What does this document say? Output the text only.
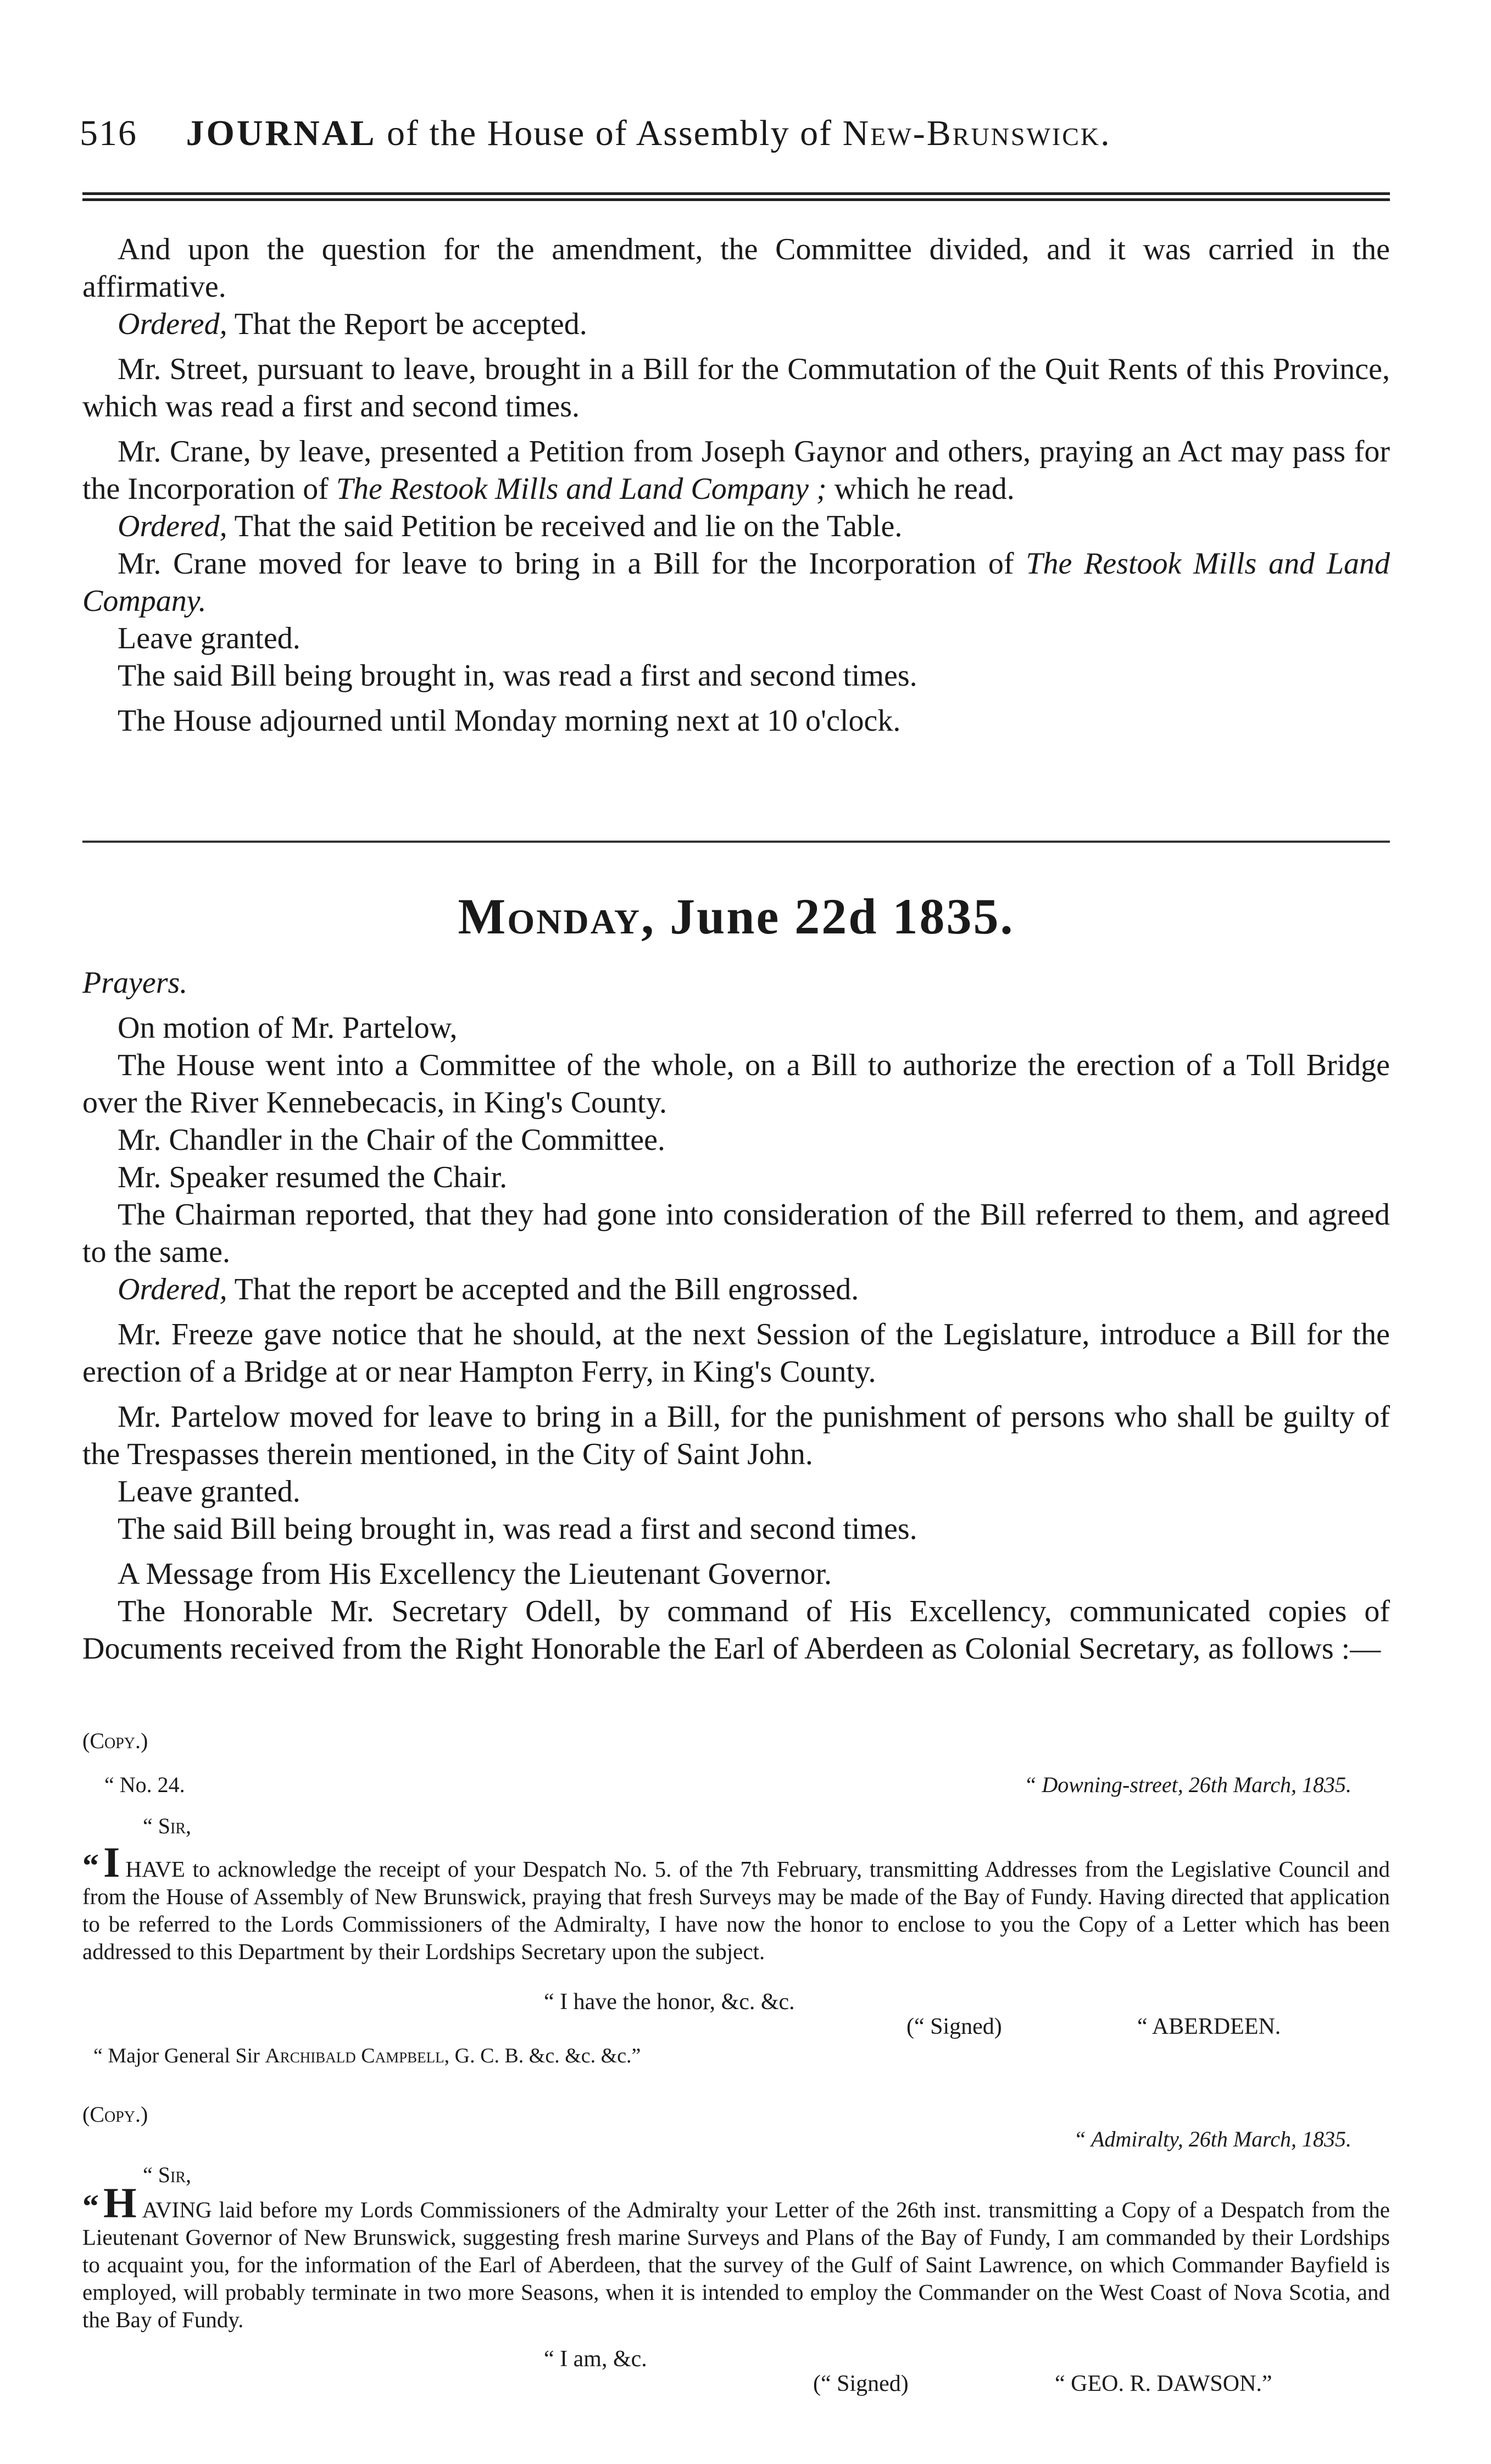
516 JOURNAL of the House of Assembly of New-Brunswick.

And upon the question for the amendment, the Committee divided, and it was carried in the affirmative.

Ordered, That the Report be accepted.

Mr. Street, pursuant to leave, brought in a Bill for the Commutation of the Quit Rents of this Province, which was read a first and second times.

Mr. Crane, by leave, presented a Petition from Joseph Gaynor and others, praying an Act may pass for the Incorporation of The Restook Mills and Land Company ; which he read.

Ordered, That the said Petition be received and lie on the Table.

Mr. Crane moved for leave to bring in a Bill for the Incorporation of The Restook Mills and Land Company.

Leave granted.

The said Bill being brought in, was read a first and second times.

The House adjourned until Monday morning next at 10 o'clock.

Monday, June 22d 1835.

Prayers.

On motion of Mr. Partelow,

The House went into a Committee of the whole, on a Bill to authorize the erection of a Toll Bridge over the River Kennebecacis, in King's County.

Mr. Chandler in the Chair of the Committee.

Mr. Speaker resumed the Chair.

The Chairman reported, that they had gone into consideration of the Bill referred to them, and agreed to the same.

Ordered, That the report be accepted and the Bill engrossed.

Mr. Freeze gave notice that he should, at the next Session of the Legislature, introduce a Bill for the erection of a Bridge at or near Hampton Ferry, in King's County.

Mr. Partelow moved for leave to bring in a Bill, for the punishment of persons who shall be guilty of the Trespasses therein mentioned, in the City of Saint John.

Leave granted.

The said Bill being brought in, was read a first and second times.

A Message from His Excellency the Lieutenant Governor.

The Honorable Mr. Secretary Odell, by command of His Excellency, communicated copies of Documents received from the Right Honorable the Earl of Aberdeen as Colonial Secretary, as follows :—

(Copy.)
“ No. 24.	“ Downing-street, 26th March, 1835.
“ Sir,
“ I HAVE to acknowledge the receipt of your Despatch No. 5. of the 7th February, transmitting Addresses from the Legislative Council and from the House of Assembly of New Brunswick, praying that fresh Surveys may be made of the Bay of Fundy. Having directed that application to be referred to the Lords Commissioners of the Admiralty, I have now the honor to enclose to you the Copy of a Letter which has been addressed to this Department by their Lordships Secretary upon the subject.
“ I have the honor, &c. &c.
(“ Signed)	“ ABERDEEN.
“ Major General Sir Archibald Campbell, G. C. B. &c. &c. &c.”
(Copy.)
“ Admiralty, 26th March, 1835.
“ Sir,
“ H AVING laid before my Lords Commissioners of the Admiralty your Letter of the 26th inst. transmitting a Copy of a Despatch from the Lieutenant Governor of New Brunswick, suggesting fresh marine Surveys and Plans of the Bay of Fundy, I am commanded by their Lordships to acquaint you, for the information of the Earl of Aberdeen, that the survey of the Gulf of Saint Lawrence, on which Commander Bayfield is employed, will probably terminate in two more Seasons, when it is intended to employ the Commander on the West Coast of Nova Scotia, and the Bay of Fundy.
“ I am, &c.
(“ Signed)	“ GEO. R. DAWSON.”
